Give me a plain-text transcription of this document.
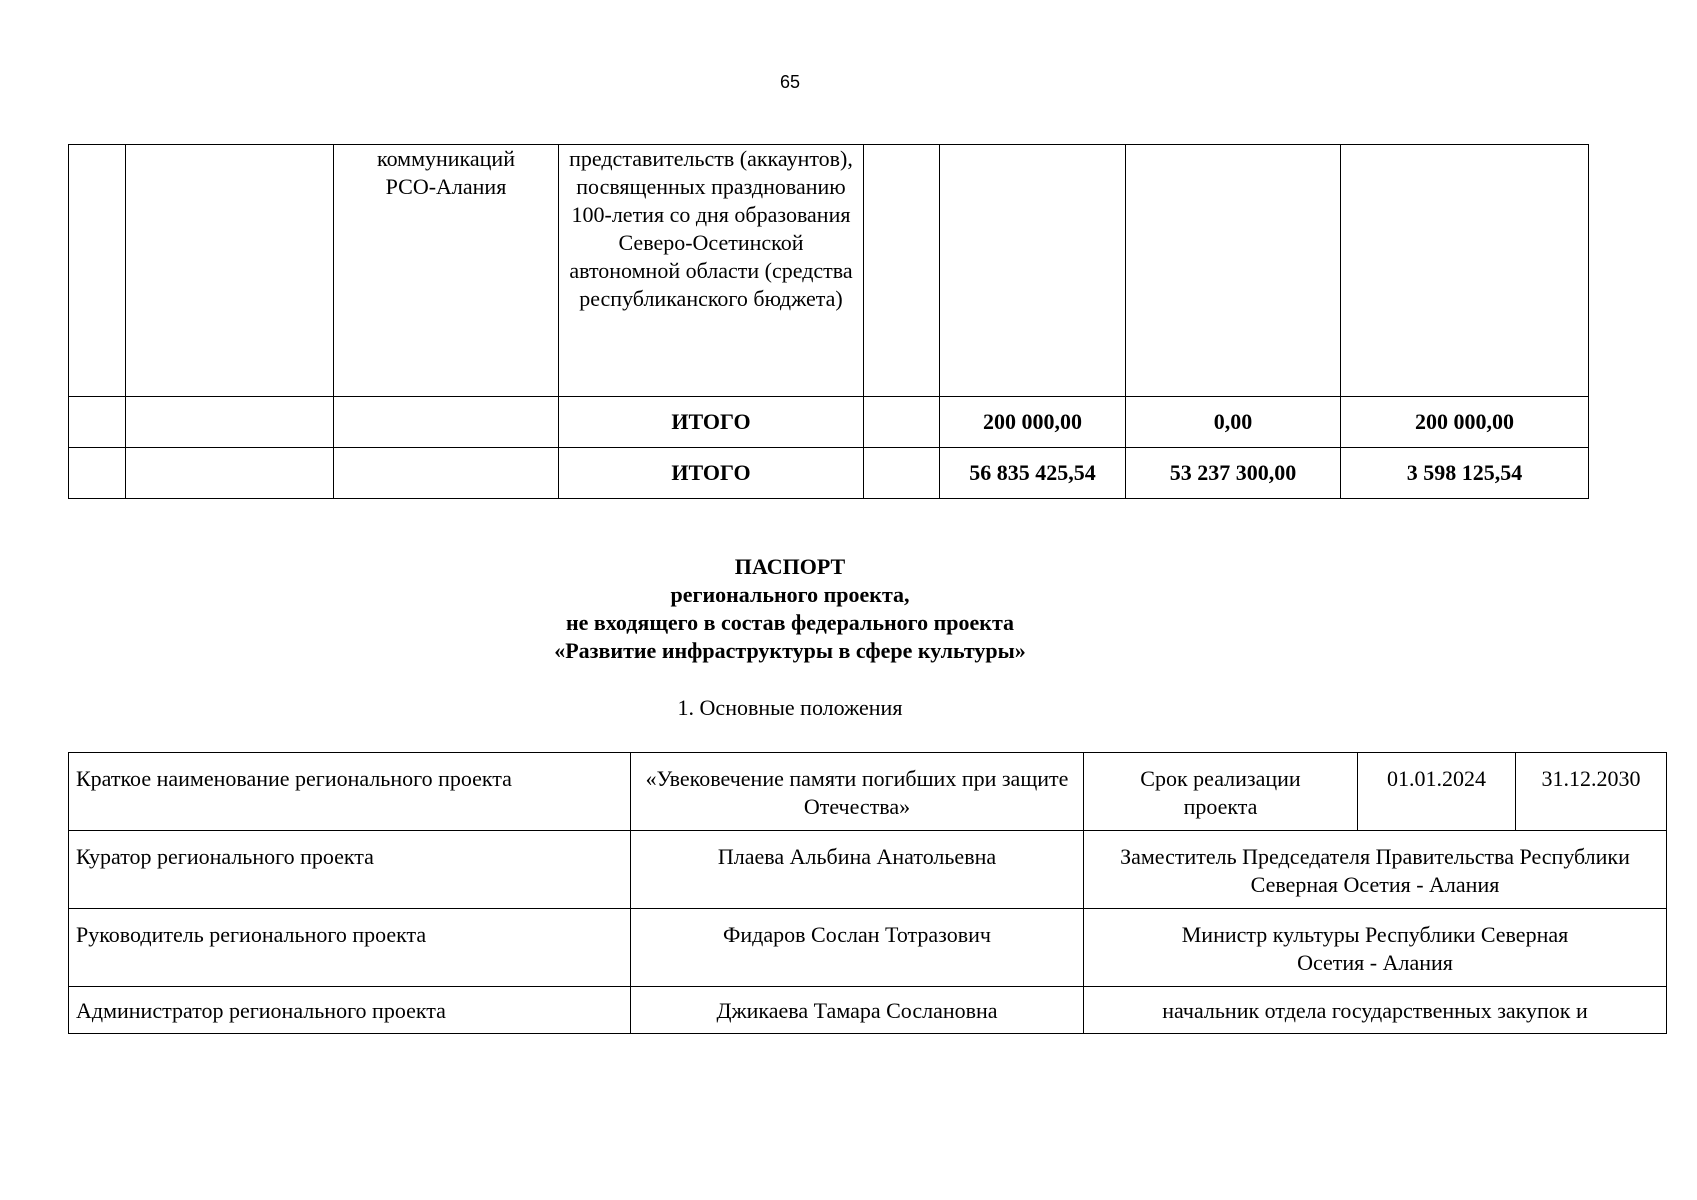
65
		коммуникаций РСО-Алания	представительств (аккаунтов), посвященных празднованию 100-летия со дня образования Северо-Осетинской автономной области (средства республиканского бюджета)				
			ИТОГО		200 000,00	0,00	200 000,00
			ИТОГО		56 835 425,54	53 237 300,00	3 598 125,54
ПАСПОРТ
регионального проекта,
не входящего в состав федерального проекта
«Развитие инфраструктуры в сфере культуры»
1. Основные положения
Краткое наименование регионального проекта	«Увековечение памяти погибших при защите Отечества»	Срок реализации проекта	01.01.2024	31.12.2030
Куратор регионального проекта	Плаева Альбина Анатольевна	Заместитель Председателя Правительства Республики Северная Осетия - Алания		
Руководитель регионального проекта	Фидаров Сослан Тотразович	Министр культуры Республики Северная Осетия - Алания		
Администратор регионального проекта	Джикаева Тамара Сослановна	начальник отдела государственных закупок и		
